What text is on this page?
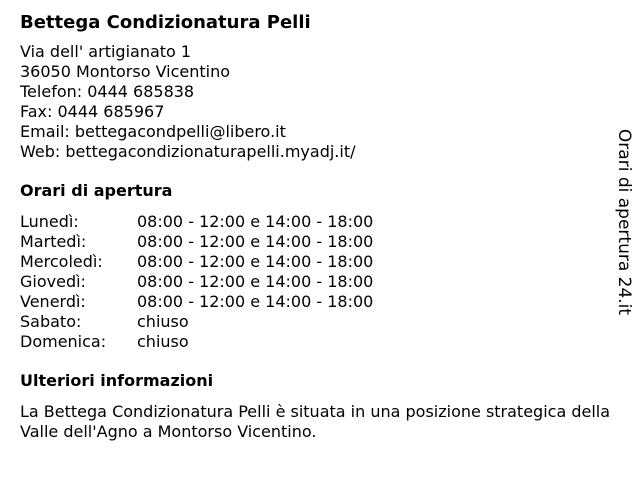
Bettega Condizionatura Pelli
Via dell' artigianato 1
36050 Montorso Vicentino
Telefon: 0444 685838
Fax: 0444 685967
Email: bettegacondpelli@libero.it
Web: bettegacondizionaturapelli.myadj.it/
Orari di apertura
Lunedì:	08:00 - 12:00 e 14:00 - 18:00
Martedì:	08:00 - 12:00 e 14:00 - 18:00
Mercoledì:	08:00 - 12:00 e 14:00 - 18:00
Giovedì:	08:00 - 12:00 e 14:00 - 18:00
Venerdì:	08:00 - 12:00 e 14:00 - 18:00
Sabato:	chiuso
Domenica:	chiuso
Ulteriori informazioni
La Bettega Condizionatura Pelli è situata in una posizione strategica della Valle dell'Agno a Montorso Vicentino.
Orari di apertura 24.it
